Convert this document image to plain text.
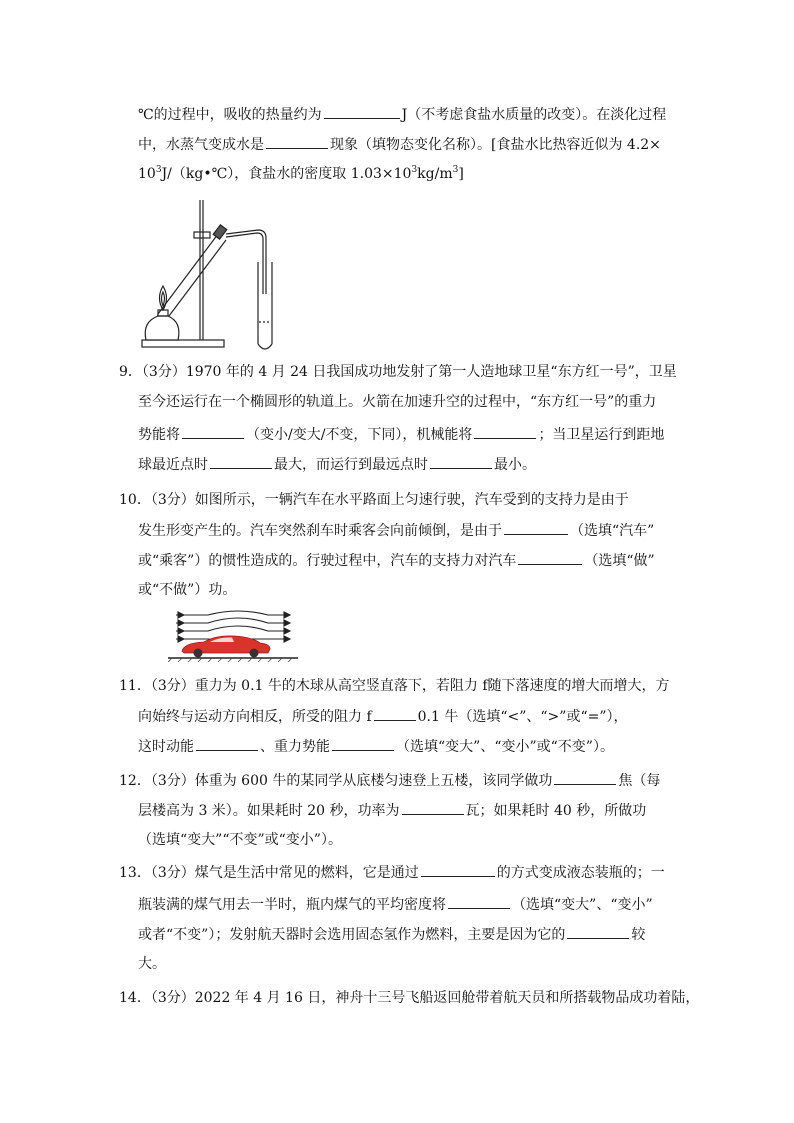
℃的过程中，吸收的热量约为	J（不考虑食盐水质量的改变）。在淡化过程
中，水蒸气变成水是	现象（填物态变化名称）。[食盐水比热容近似为 4.2×
$10^3J/(kg•℃)$，食盐水的密度取 $1.03\times 10^3kg/m^3$]
9．（3分）1970 年的 4 月 24 日我国成功地发射了第一人造地球卫星“东方红一号”，卫星
至今还运行在一个椭圆形的轨道上。火箭在加速升空的过程中，“东方红一号”的重力
势能将	（变小/变大/不变，下同），机械能将	；当卫星运行到距地
球最近点时	最大，而运行到最远点时	最小。
10．（3分）如图所示，一辆汽车在水平路面上匀速行驶，汽车受到的支持力是由于
发生形变产生的。汽车突然刹车时乘客会向前倾倒，是由于	（选填“汽车”
或“乘客”）的惯性造成的。行驶过程中，汽车的支持力对汽车	（选填“做”
或“不做”）功。
11．（3分）重力为 0.1 牛的木球从高空竖直落下，若阻力 f随下落速度的增大而增大，方
向始终与运动方向相反，所受的阻力 f	0.1 牛（选填“<”、“>”或“=”），
这时动能	、重力势能	（选填“变大”、“变小”或“不变”）。
12．（3分）体重为 600 牛的某同学从底楼匀速登上五楼，该同学做功	焦（每
层楼高为 3 米）。如果耗时 20 秒，功率为	瓦；如果耗时 40 秒，所做功
（选填“变大”“不变”或“变小”）。
13．（3分）煤气是生活中常见的燃料，它是通过	的方式变成液态装瓶的；一
瓶装满的煤气用去一半时，瓶内煤气的平均密度将	（选填“变大”、“变小”
或者“不变”）；发射航天器时会选用固态氢作为燃料，主要是因为它的	较
大。
14．（3分）2022 年 4 月 16 日，神舟十三号飞船返回舱带着航天员和所搭载物品成功着陆，
